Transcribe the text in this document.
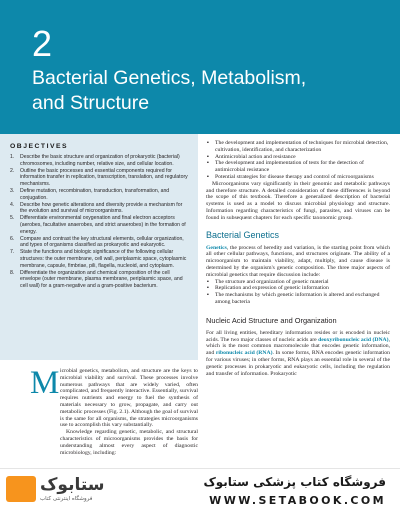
2
Bacterial Genetics, Metabolism,
and Structure
OBJECTIVES
1. Describe the basic structure and organization of prokaryotic (bacterial) chromosomes, including number, relative size, and cellular location.
2. Outline the basic processes and essential components required for information transfer in replication, transcription, translation, and regulatory mechanisms.
3. Define mutation, recombination, transduction, transformation, and conjugation.
4. Describe how genetic alterations and diversity provide a mechanism for the evolution and survival of microorganisms.
5. Differentiate environmental oxygenation and final electron acceptors (aerobes, facultative anaerobes, and strict anaerobes) in the formation of energy.
6. Compare and contrast the key structural elements, cellular organization, and types of organisms classified as prokaryotic and eukaryotic.
7. State the functions and biologic significance of the following cellular structures: the outer membrane, cell wall, periplasmic space, cytoplasmic membrane, capsule, fimbriae, pili, flagella, nucleoid, and cytoplasm.
8. Differentiate the organization and chemical composition of the cell envelope (outer membrane, plasma membrane, periplasmic space, and cell wall) for a gram-negative and a gram-positive bacterium.
▪ The development and implementation of techniques for microbial detection, cultivation, identification, and characterization
▪ Antimicrobial action and resistance
▪ The development and implementation of tests for the detection of antimicrobial resistance
▪ Potential strategies for disease therapy and control of microorganisms

Microorganisms vary significantly in their genomic and metabolic pathways and therefore structure. A detailed consideration of these differences is beyond the scope of this textbook. Therefore a generalized description of bacterial systems is used as a model to discuss microbial physiology and structure. Information regarding characteristics of fungi, parasites, and viruses can be found in subsequent chapters for each specific taxonomic group.

Bacterial Genetics

Genetics, the process of heredity and variation, is the starting point from which all other cellular pathways, functions, and structures originate. The ability of a microorganism to maintain viability, adapt, multiply, and cause disease is determined by the organism's genetic composition. The three major aspects of microbial genetics that require discussion include:

▪ The structure and organization of genetic material
▪ Replication and expression of genetic information
▪ The mechanisms by which genetic information is altered and exchanged among bacteria
Nucleic Acid Structure and Organization

For all living entities, hereditary information resides or is encoded in nucleic acids. The two major classes of nucleic acids are deoxyribonucleic acid (DNA), which is the most common macromolecule that encodes genetic information, and ribonucleic acid (RNA). In some forms, RNA encodes genetic information for various viruses; in other forms, RNA plays an essential role in several of the genetic processes in prokaryotic and eukaryotic cells, including the regulation and transfer of information. Prokaryotic

M icrobial genetics, metabolism, and structure are the keys to microbial viability and survival. These processes involve numerous pathways that are widely varied, often complicated, and frequently interactive. Essentially, survival requires nutrients and energy to fuel the synthesis of materials necessary to grow, propagate, and carry out metabolic processes (Fig. 2.1). Although the goal of survival is the same for all organisms, the strategies microorganisms use to accomplish this vary substantially.

Knowledge regarding genetic, metabolic, and structural characteristics of microorganisms provides the basis for understanding almost every aspect of diagnostic microbiology, including:

ستابوک
فروشگاه اینترنتی کتاب
فروشگاه کتاب پزشکی ستابوک
WWW.SETABOOK.COM
